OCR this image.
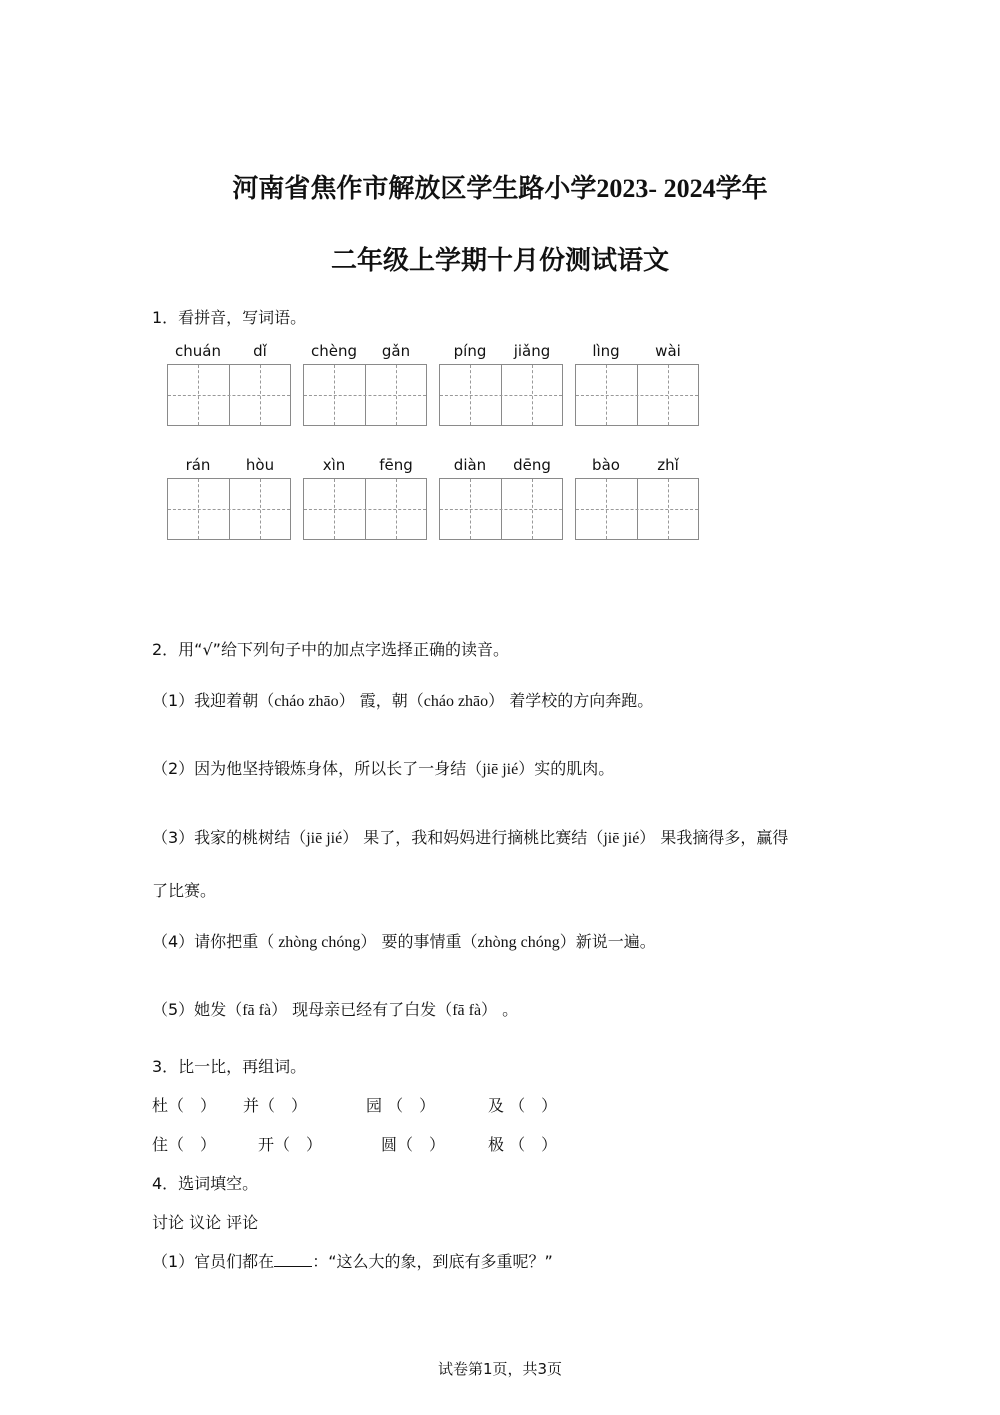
河南省焦作市解放区学生路小学2023- 2024学年
二年级上学期十月份测试语文
1．看拼音，写词语。
chuán	dǐ	chèng	gǎn	píng	jiǎng	lìng	wài
rán	hòu	xìn	fēng	diàn	dēng	bào	zhǐ
2．用“√”给下列句子中的加点字选择正确的读音。
（1）我迎着朝（cháo zhāo） 霞，朝（cháo zhāo） 着学校的方向奔跑。
（2）因为他坚持锻炼身体，所以长了一身结（jiē jié）实的肌肉。
（3）我家的桃树结（jiē jié） 果了，我和妈妈进行摘桃比赛结（jiē jié） 果我摘得多，赢得
了比赛。
（4）请你把重（ zhòng chóng） 要的事情重（zhòng chóng）新说一遍。
（5）她发（fā fà） 现母亲已经有了白发（fā fà） 。
3．比一比，再组词。
杜（　） 并（　）	园 （　）	及 （　）
住（　）	开（　）	圆（　）	极 （　）
4．选词填空。
讨论 议论 评论
（1）官员们都在 ：“这么大的象，到底有多重呢？”
试卷第1页，共3页
